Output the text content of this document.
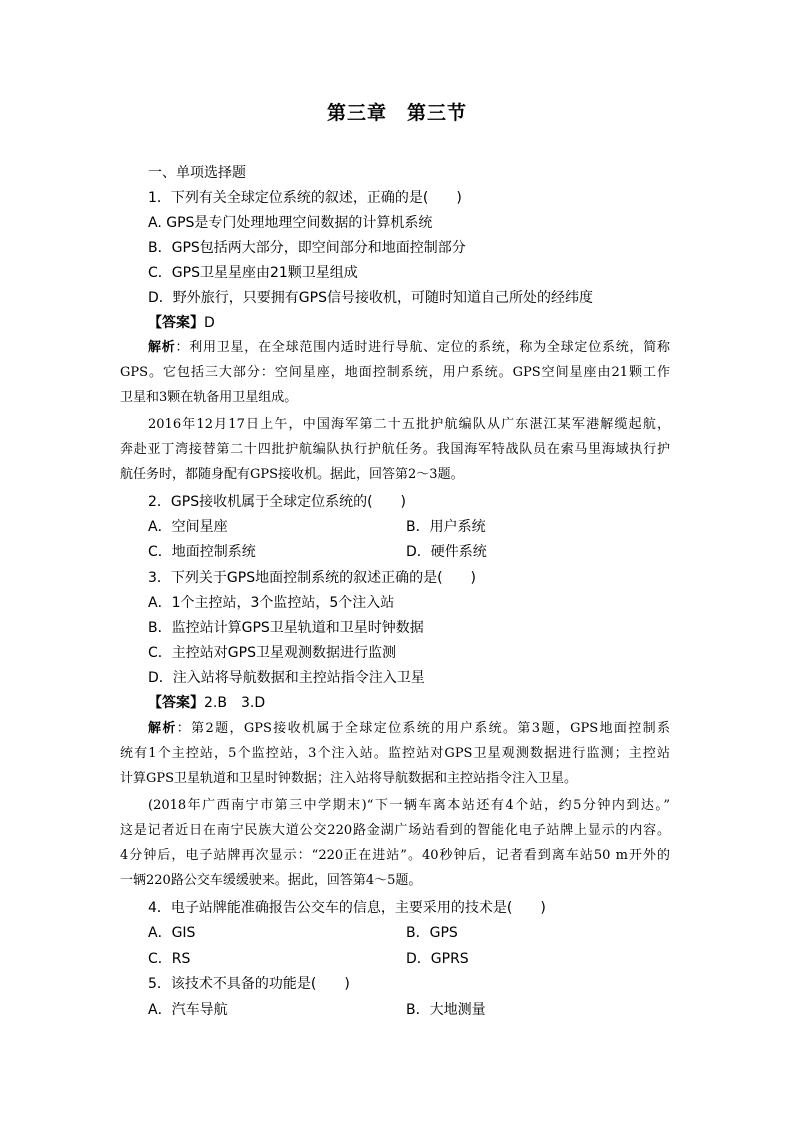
第三章　第三节
一、单项选择题
1．下列有关全球定位系统的叙述，正确的是(　　)
A. GPS是专门处理地理空间数据的计算机系统
B．GPS包括两大部分，即空间部分和地面控制部分
C．GPS卫星星座由21颗卫星组成
D．野外旅行，只要拥有GPS信号接收机，可随时知道自己所处的经纬度
【答案】D
解析：利用卫星，在全球范围内适时进行导航、定位的系统，称为全球定位系统，简称
GPS。它包括三大部分：空间星座，地面控制系统，用户系统。GPS空间星座由21颗工作
卫星和3颗在轨备用卫星组成。
2016年12月17日上午，中国海军第二十五批护航编队从广东湛江某军港解缆起航，
奔赴亚丁湾接替第二十四批护航编队执行护航任务。我国海军特战队员在索马里海域执行护
航任务时，都随身配有GPS接收机。据此，回答第2～3题。
2．GPS接收机属于全球定位系统的(　　)
A．空间星座	B．用户系统
C．地面控制系统	D．硬件系统
3．下列关于GPS地面控制系统的叙述正确的是(　　)
A．1个主控站，3个监控站，5个注入站
B．监控站计算GPS卫星轨道和卫星时钟数据
C．主控站对GPS卫星观测数据进行监测
D．注入站将导航数据和主控站指令注入卫星
【答案】2.B　3.D
解析：第2题，GPS接收机属于全球定位系统的用户系统。第3题，GPS地面控制系
统有1个主控站，5个监控站，3个注入站。监控站对GPS卫星观测数据进行监测；主控站
计算GPS卫星轨道和卫星时钟数据；注入站将导航数据和主控站指令注入卫星。
(2018年广西南宁市第三中学期末)“下一辆车离本站还有4个站，约5分钟内到达。”
这是记者近日在南宁民族大道公交220路金湖广场站看到的智能化电子站牌上显示的内容。
4分钟后，电子站牌再次显示：“220正在进站”。40秒钟后，记者看到离车站50 m开外的
一辆220路公交车缓缓驶来。据此，回答第4～5题。
4．电子站牌能准确报告公交车的信息，主要采用的技术是(　　)
A．GIS	B．GPS
C．RS	D．GPRS
5．该技术不具备的功能是(　　)
A．汽车导航	B．大地测量
